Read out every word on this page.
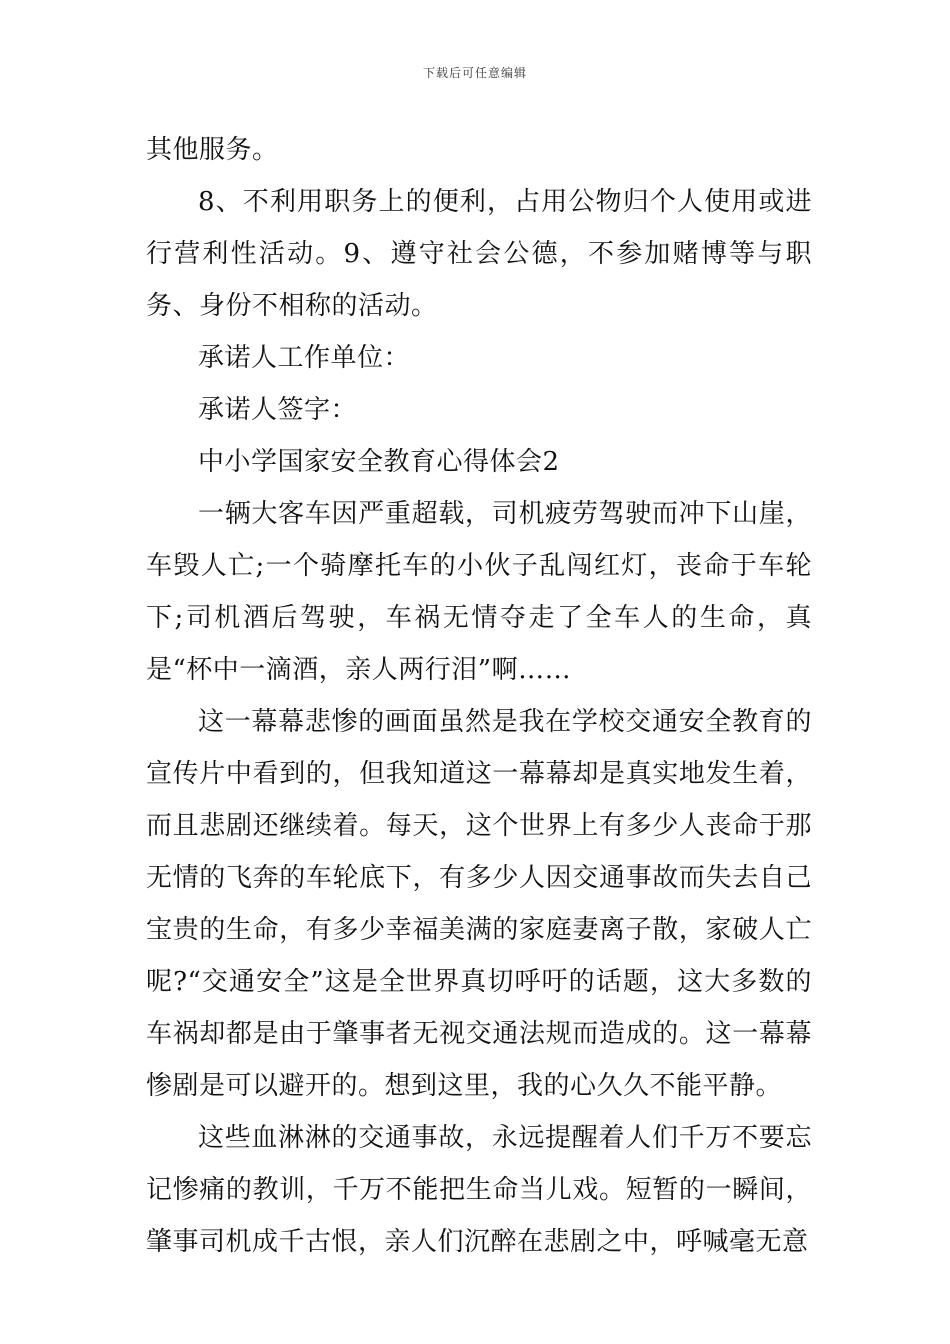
下载后可任意编辑

其他服务。

8、不利用职务上的便利，占用公物归个人使用或进行营利性活动。9、遵守社会公德，不参加赌博等与职务、身份不相称的活动。

承诺人工作单位：

承诺人签字：

中小学国家安全教育心得体会2

一辆大客车因严重超载，司机疲劳驾驶而冲下山崖，车毁人亡;一个骑摩托车的小伙子乱闯红灯，丧命于车轮下;司机酒后驾驶，车祸无情夺走了全车人的生命，真是“杯中一滴酒，亲人两行泪”啊……

这一幕幕悲惨的画面虽然是我在学校交通安全教育的宣传片中看到的，但我知道这一幕幕却是真实地发生着，而且悲剧还继续着。每天，这个世界上有多少人丧命于那无情的飞奔的车轮底下，有多少人因交通事故而失去自己宝贵的生命，有多少幸福美满的家庭妻离子散，家破人亡呢?“交通安全”这是全世界真切呼吁的话题，这大多数的车祸却都是由于肇事者无视交通法规而造成的。这一幕幕惨剧是可以避开的。想到这里，我的心久久不能平静。

这些血淋淋的交通事故，永远提醒着人们千万不要忘记惨痛的教训，千万不能把生命当儿戏。短暂的一瞬间，肇事司机成千古恨，亲人们沉醉在悲剧之中，呼喊毫无意
